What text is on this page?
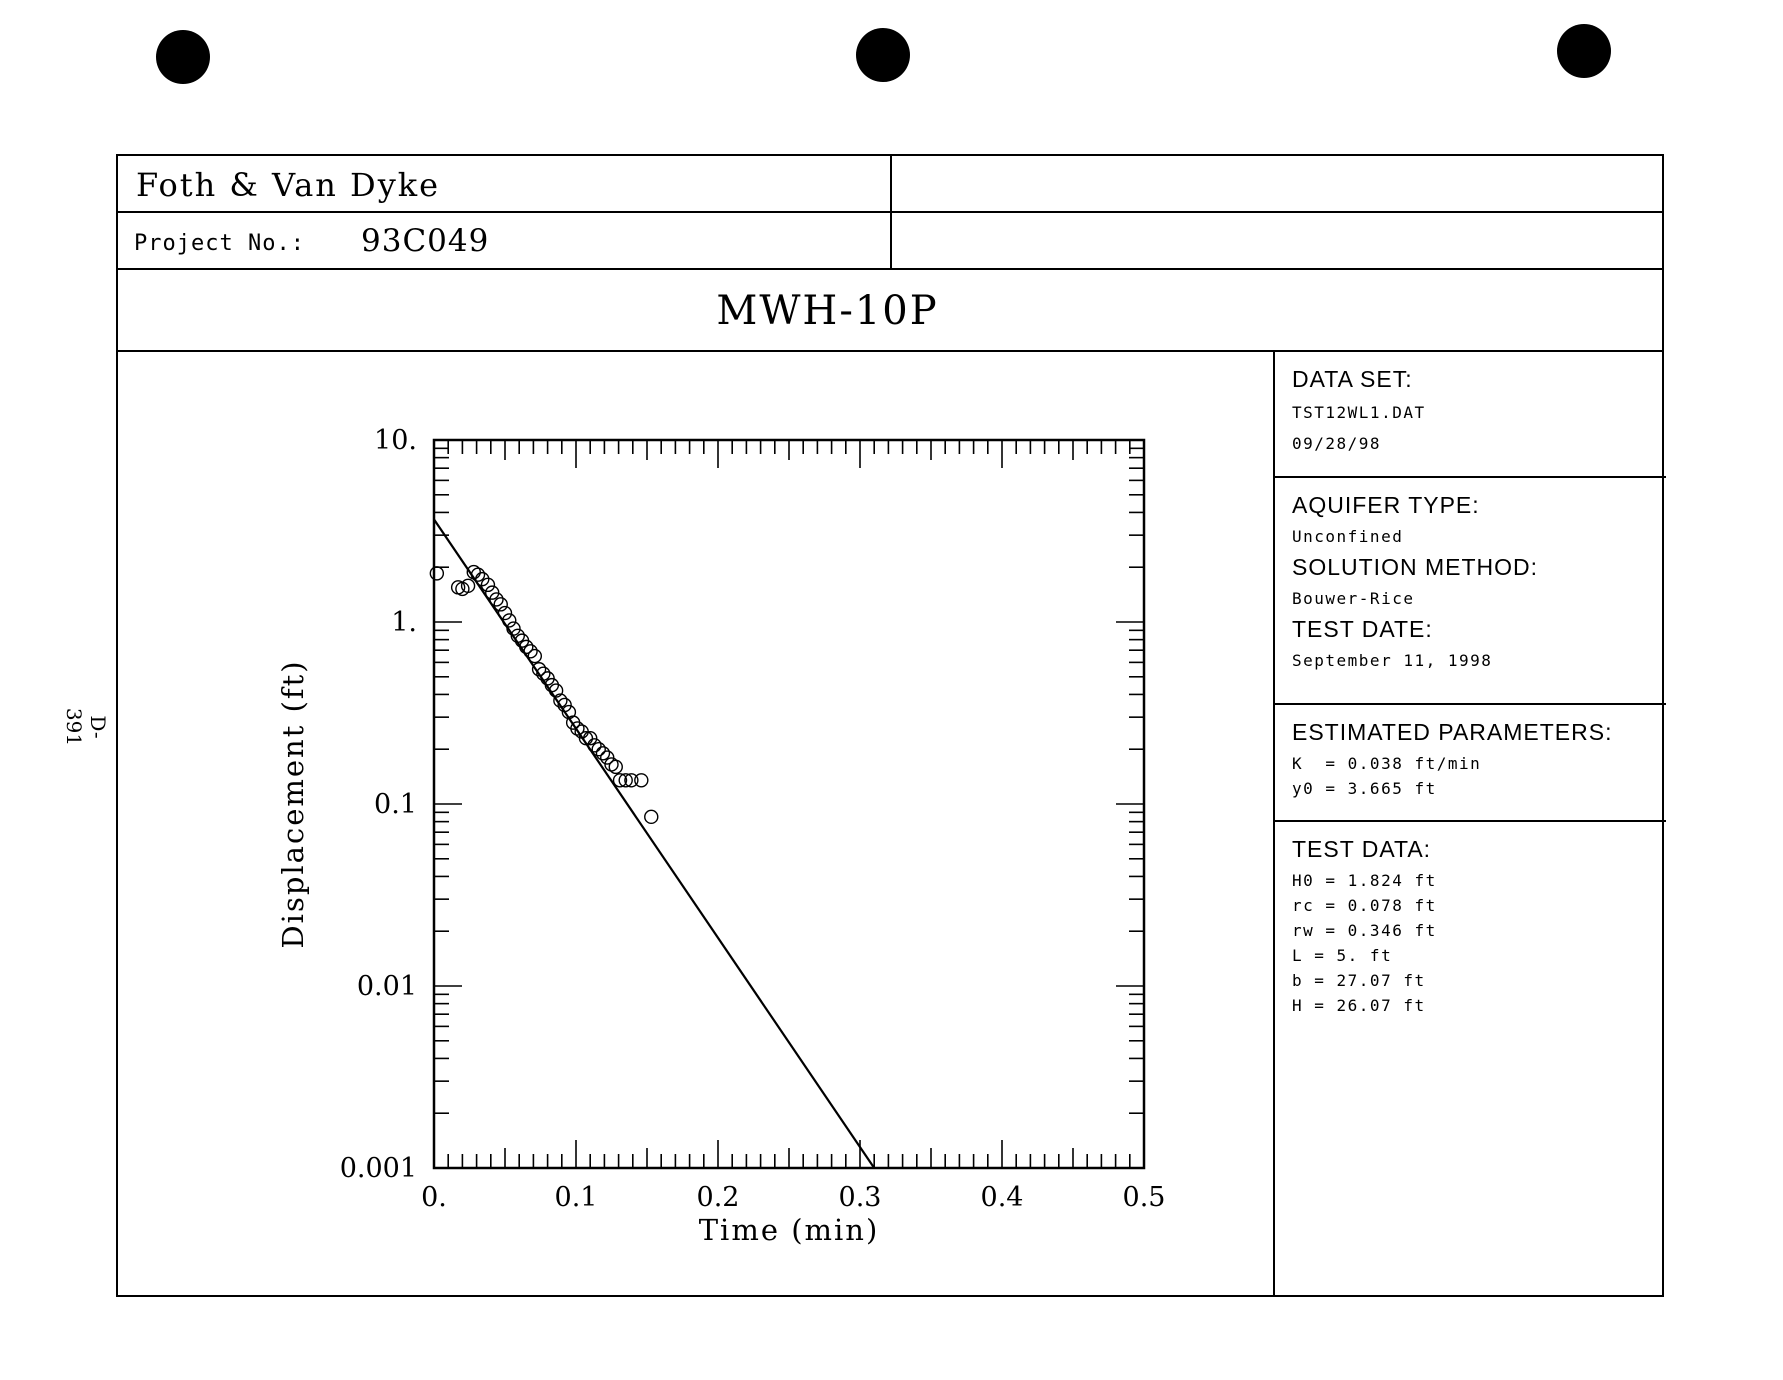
D-391
Foth & Van Dyke
Project No.: 93C049
MWH-10P
DATA SET:
TST12WL1.DAT
09/28/98
AQUIFER TYPE:
Unconfined
SOLUTION METHOD:
Bouwer-Rice
TEST DATE:
September 11, 1998
ESTIMATED PARAMETERS:
K  = 0.038 ft/min
y0 = 3.665 ft
TEST DATA:
H0 = 1.824 ft
rc = 0.078 ft
rw = 0.346 ft
L = 5. ft
b = 27.07 ft
H = 26.07 ft
0.	0.1	0.2	0.3	0.4	0.5
0.001
0.01
0.1
1.
10.
Time (min)
Displacement (ft)
